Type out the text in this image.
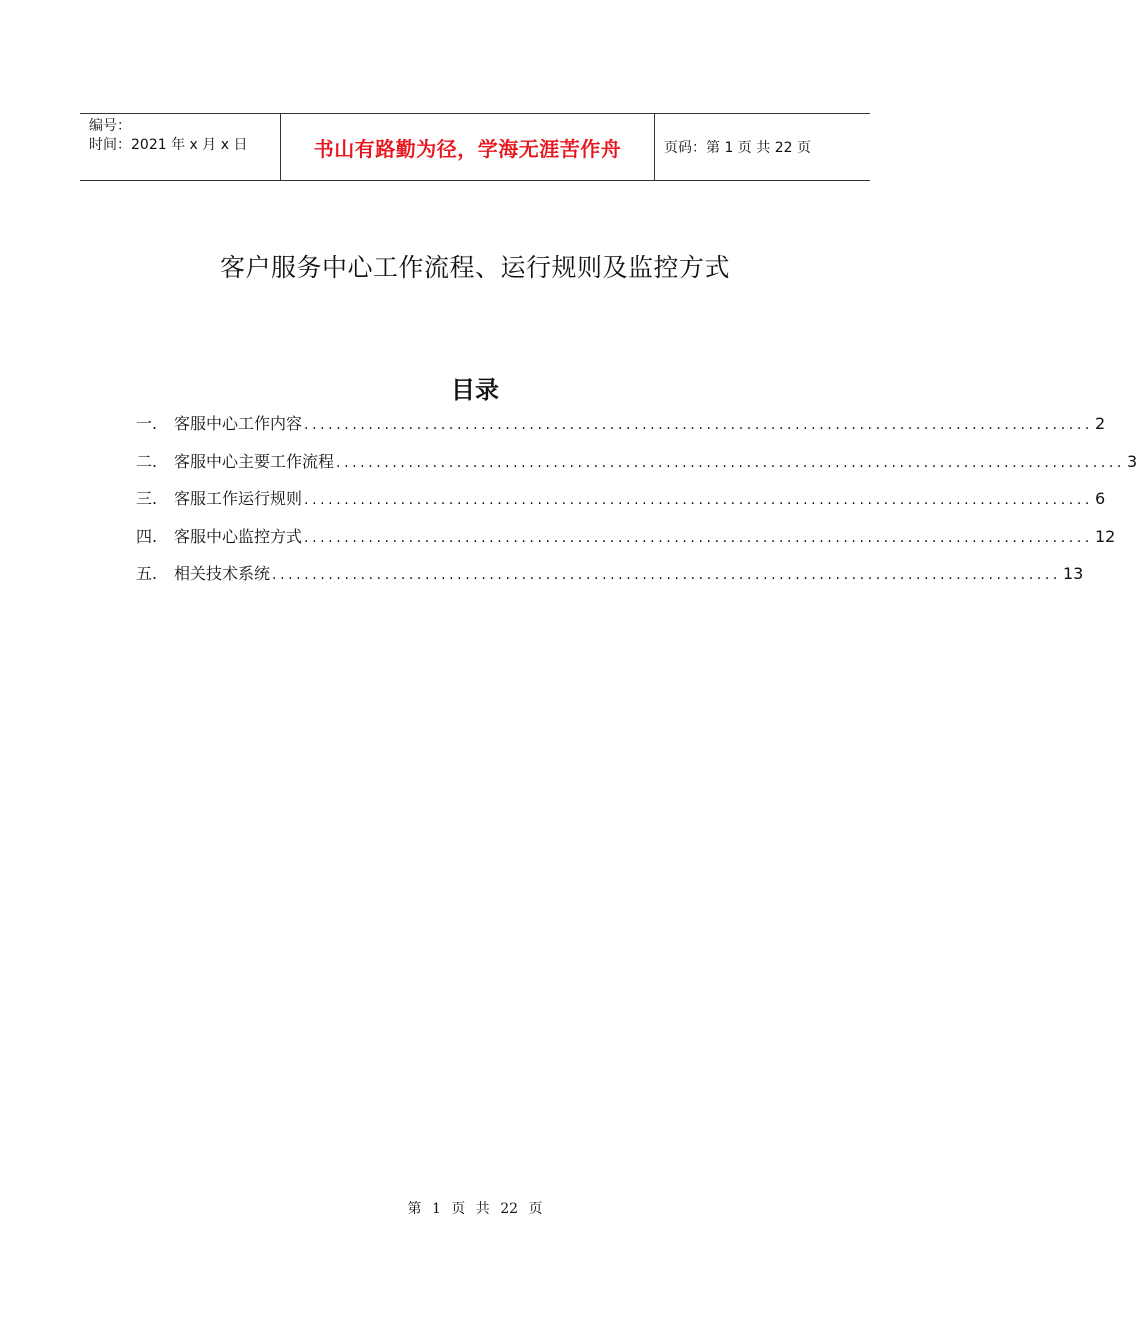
编号：
时间：2021 年 x 月 x 日	书山有路勤为径，学海无涯苦作舟	页码：第 1 页 共 22 页
客户服务中心工作流程、运行规则及监控方式
目录
一.	客服中心工作内容 .................................................................................................. 2
二.	客服中心主要工作流程 .................................................................................................. 3
三.	客服工作运行规则 .................................................................................................. 6
四.	客服中心监控方式 .................................................................................................. 12
五.	相关技术系统 .................................................................................................. 13
第 1 页 共 22 页
